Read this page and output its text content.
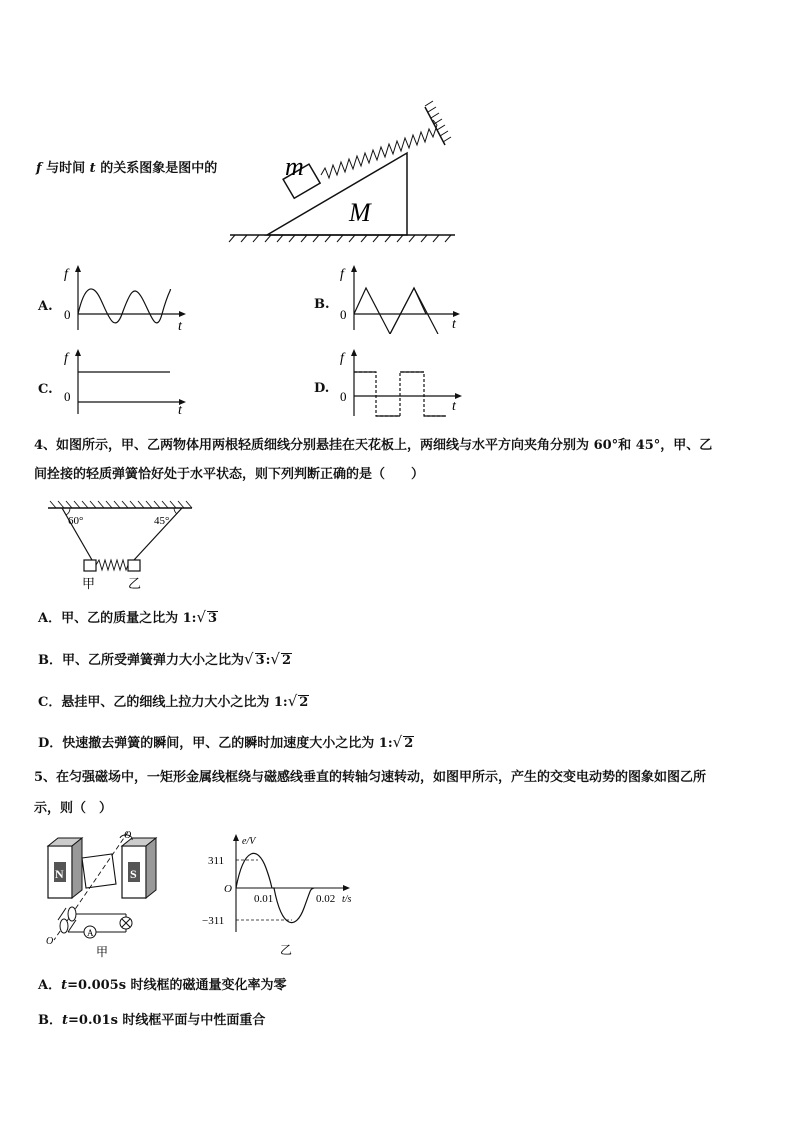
f 与时间 t 的关系图象是图中的	m
M
A.
f
0
t
B.
f
0
t
C.
f
0
t
D.
f
0
t
4、如图所示，甲、乙两物体用两根轻质细线分别悬挂在天花板上，两细线与水平方向夹角分别为 60°和 45°，甲、乙
间拴接的轻质弹簧恰好处于水平状态，则下列判断正确的是（　　）
60°	45°
甲	乙
A．甲、乙的质量之比为 1:√ 3
B．甲、乙所受弹簧弹力大小之比为√ 3:√ 2
C．悬挂甲、乙的细线上拉力大小之比为 1:√ 2
D．快速撤去弹簧的瞬间，甲、乙的瞬时加速度大小之比为 1:√ 2
5、在匀强磁场中，一矩形金属线框绕与磁感线垂直的转轴匀速转动，如图甲所示，产生的交变电动势的图象如图乙所
示，则（　）
A
N	S
O
O
甲
e/V
311
−311
O
0.01	0.02 t/s
乙
A．t=0.005s 时线框的磁通量变化率为零
B．t=0.01s 时线框平面与中性面重合
